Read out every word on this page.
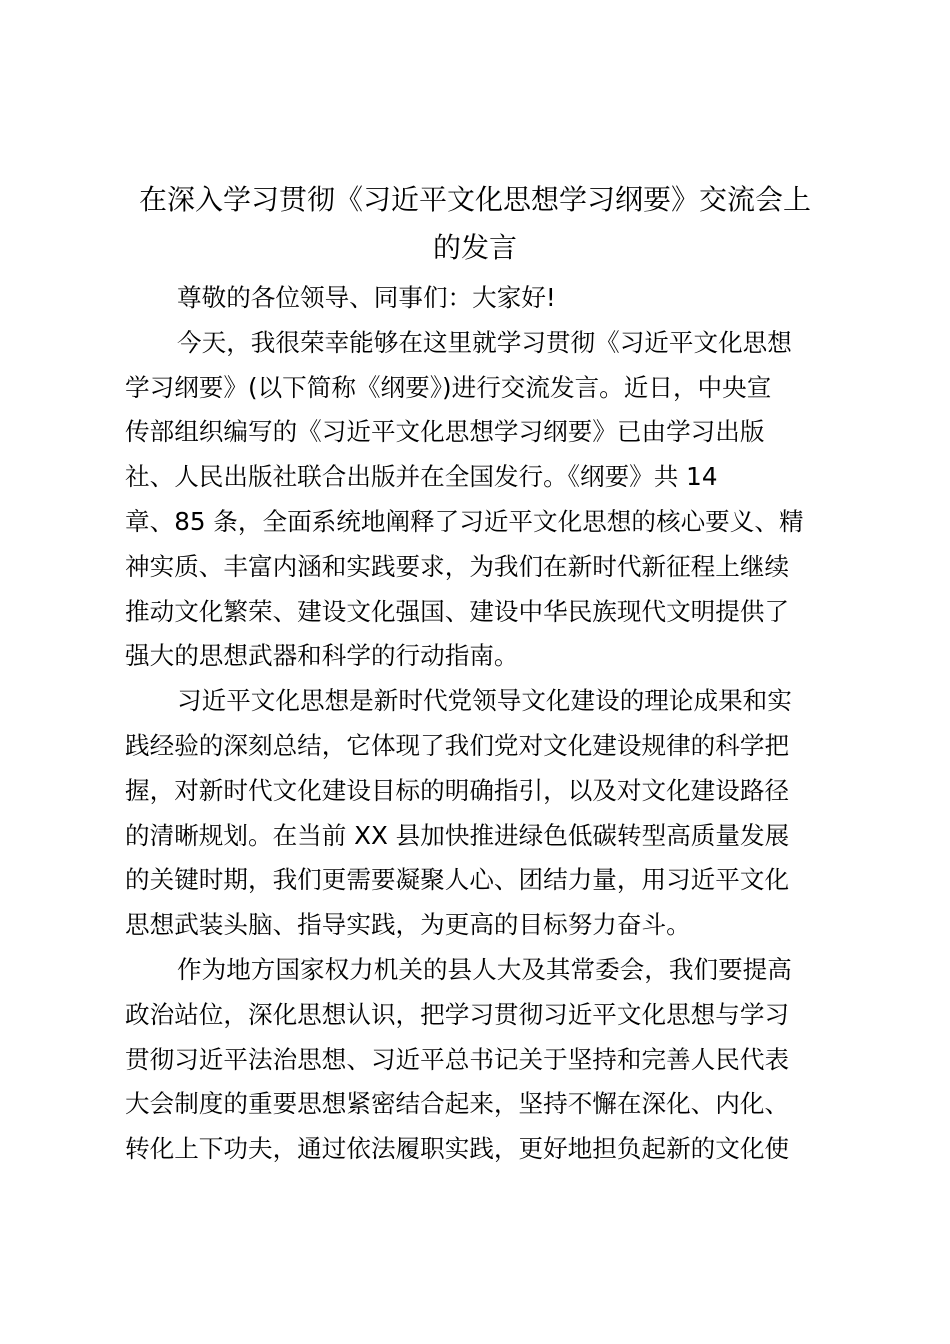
在深入学习贯彻《习近平文化思想学习纲要》交流会上
的发言
尊敬的各位领导、同事们：大家好!
今天，我很荣幸能够在这里就学习贯彻《习近平文化思想
学习纲要》(以下简称《纲要》)进行交流发言。近日，中央宣
传部组织编写的《习近平文化思想学习纲要》已由学习出版
社、人民出版社联合出版并在全国发行。《纲要》共 14
章、85 条，全面系统地阐释了习近平文化思想的核心要义、精
神实质、丰富内涵和实践要求，为我们在新时代新征程上继续
推动文化繁荣、建设文化强国、建设中华民族现代文明提供了
强大的思想武器和科学的行动指南。
习近平文化思想是新时代党领导文化建设的理论成果和实
践经验的深刻总结，它体现了我们党对文化建设规律的科学把
握，对新时代文化建设目标的明确指引，以及对文化建设路径
的清晰规划。在当前 XX 县加快推进绿色低碳转型高质量发展
的关键时期，我们更需要凝聚人心、团结力量，用习近平文化
思想武装头脑、指导实践，为更高的目标努力奋斗。
作为地方国家权力机关的县人大及其常委会，我们要提高
政治站位，深化思想认识，把学习贯彻习近平文化思想与学习
贯彻习近平法治思想、习近平总书记关于坚持和完善人民代表
大会制度的重要思想紧密结合起来，坚持不懈在深化、内化、
转化上下功夫，通过依法履职实践，更好地担负起新的文化使
